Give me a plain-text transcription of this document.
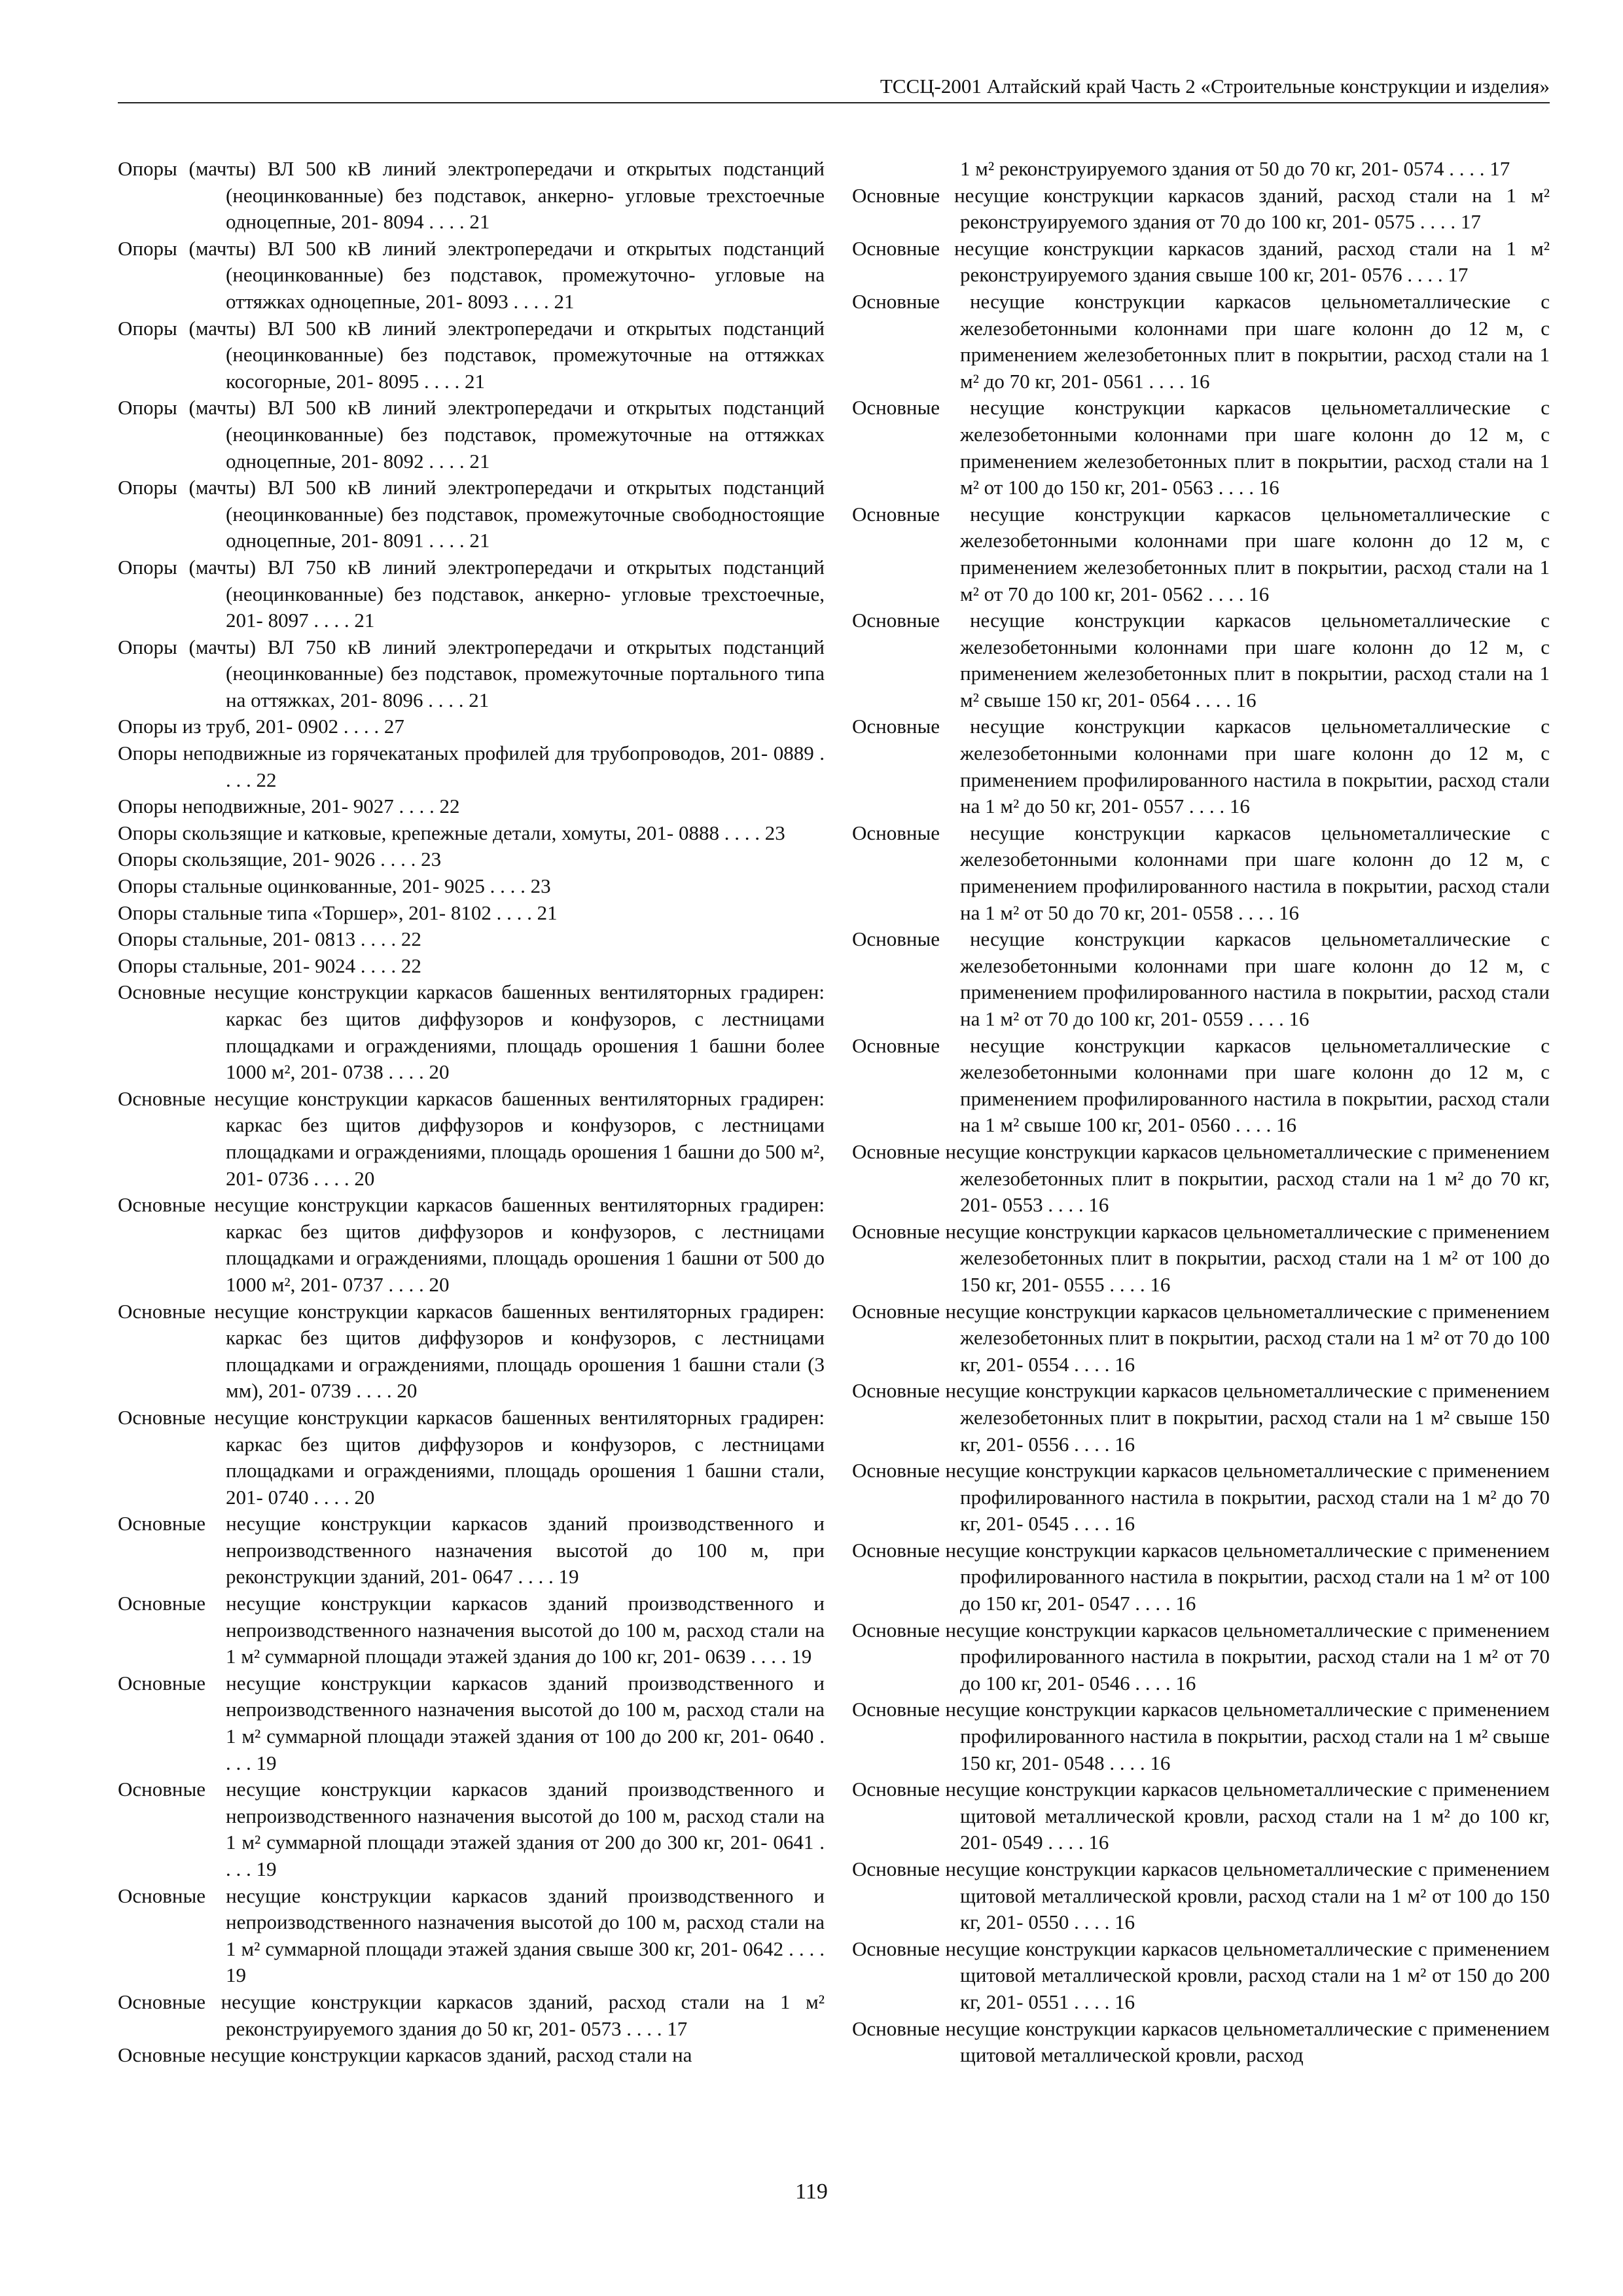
ТССЦ-2001 Алтайский край Часть 2 «Строительные конструкции и изделия»
Опоры (мачты) ВЛ 500 кВ линий электропередачи и открытых подстанций (неоцинкованные) без подставок, анкерно- угловые трехстоечные одноцепные, 201- 8094 . . . . 21
Опоры (мачты) ВЛ 500 кВ линий электропередачи и открытых подстанций (неоцинкованные) без подставок, промежуточно- угловые на оттяжках одноцепные, 201- 8093 . . . . 21
Опоры (мачты) ВЛ 500 кВ линий электропередачи и открытых подстанций (неоцинкованные) без подставок, промежуточные на оттяжках косогорные, 201- 8095 . . . . 21
Опоры (мачты) ВЛ 500 кВ линий электропередачи и открытых подстанций (неоцинкованные) без подставок, промежуточные на оттяжках одноцепные, 201- 8092 . . . . 21
Опоры (мачты) ВЛ 500 кВ линий электропередачи и открытых подстанций (неоцинкованные) без подставок, промежуточные свободностоящие одноцепные, 201- 8091 . . . . 21
Опоры (мачты) ВЛ 750 кВ линий электропередачи и открытых подстанций (неоцинкованные) без подставок, анкерно- угловые трехстоечные, 201- 8097 . . . . 21
Опоры (мачты) ВЛ 750 кВ линий электропередачи и открытых подстанций (неоцинкованные) без подставок, промежуточные портального типа на оттяжках, 201- 8096 . . . . 21
Опоры из труб, 201- 0902 . . . . 27
Опоры неподвижные из горячекатаных профилей для трубопроводов, 201- 0889 . . . . 22
Опоры неподвижные, 201- 9027 . . . . 22
Опоры скользящие и катковые, крепежные детали, хомуты, 201- 0888 . . . . 23
Опоры скользящие, 201- 9026 . . . . 23
Опоры стальные оцинкованные, 201- 9025 . . . . 23
Опоры стальные типа «Торшер», 201- 8102 . . . . 21
Опоры стальные, 201- 0813 . . . . 22
Опоры стальные, 201- 9024 . . . . 22
Основные несущие конструкции каркасов башенных вентиляторных градирен: каркас без щитов диффузоров и конфузоров, с лестницами площадками и ограждениями, площадь орошения 1 башни более 1000 м², 201- 0738 . . . . 20
Основные несущие конструкции каркасов башенных вентиляторных градирен: каркас без щитов диффузоров и конфузоров, с лестницами площадками и ограждениями, площадь орошения 1 башни до 500 м², 201- 0736 . . . . 20
Основные несущие конструкции каркасов башенных вентиляторных градирен: каркас без щитов диффузоров и конфузоров, с лестницами площадками и ограждениями, площадь орошения 1 башни от 500 до 1000 м², 201- 0737 . . . . 20
Основные несущие конструкции каркасов башенных вентиляторных градирен: каркас без щитов диффузоров и конфузоров, с лестницами площадками и ограждениями, площадь орошения 1 башни стали (3 мм), 201- 0739 . . . . 20
Основные несущие конструкции каркасов башенных вентиляторных градирен: каркас без щитов диффузоров и конфузоров, с лестницами площадками и ограждениями, площадь орошения 1 башни стали, 201- 0740 . . . . 20
Основные несущие конструкции каркасов зданий производственного и непроизводственного назначения высотой до 100 м, при реконструкции зданий, 201- 0647 . . . . 19
Основные несущие конструкции каркасов зданий производственного и непроизводственного назначения высотой до 100 м, расход стали на 1 м² суммарной площади этажей здания до 100 кг, 201- 0639 . . . . 19
Основные несущие конструкции каркасов зданий производственного и непроизводственного назначения высотой до 100 м, расход стали на 1 м² суммарной площади этажей здания от 100 до 200 кг, 201- 0640 . . . . 19
Основные несущие конструкции каркасов зданий производственного и непроизводственного назначения высотой до 100 м, расход стали на 1 м² суммарной площади этажей здания от 200 до 300 кг, 201- 0641 . . . . 19
Основные несущие конструкции каркасов зданий производственного и непроизводственного назначения высотой до 100 м, расход стали на 1 м² суммарной площади этажей здания свыше 300 кг, 201- 0642 . . . . 19
Основные несущие конструкции каркасов зданий, расход стали на 1 м² реконструируемого здания до 50 кг, 201- 0573 . . . . 17
Основные несущие конструкции каркасов зданий, расход стали на
1 м² реконструируемого здания от 50 до 70 кг, 201- 0574 . . . . 17
Основные несущие конструкции каркасов зданий, расход стали на 1 м² реконструируемого здания от 70 до 100 кг, 201- 0575 . . . . 17
Основные несущие конструкции каркасов зданий, расход стали на 1 м² реконструируемого здания свыше 100 кг, 201- 0576 . . . . 17
Основные несущие конструкции каркасов цельнометаллические с железобетонными колоннами при шаге колонн до 12 м, с применением железобетонных плит в покрытии, расход стали на 1 м² до 70 кг, 201- 0561 . . . . 16
Основные несущие конструкции каркасов цельнометаллические с железобетонными колоннами при шаге колонн до 12 м, с применением железобетонных плит в покрытии, расход стали на 1 м² от 100 до 150 кг, 201- 0563 . . . . 16
Основные несущие конструкции каркасов цельнометаллические с железобетонными колоннами при шаге колонн до 12 м, с применением железобетонных плит в покрытии, расход стали на 1 м² от 70 до 100 кг, 201- 0562 . . . . 16
Основные несущие конструкции каркасов цельнометаллические с железобетонными колоннами при шаге колонн до 12 м, с применением железобетонных плит в покрытии, расход стали на 1 м² свыше 150 кг, 201- 0564 . . . . 16
Основные несущие конструкции каркасов цельнометаллические с железобетонными колоннами при шаге колонн до 12 м, с применением профилированного настила в покрытии, расход стали на 1 м² до 50 кг, 201- 0557 . . . . 16
Основные несущие конструкции каркасов цельнометаллические с железобетонными колоннами при шаге колонн до 12 м, с применением профилированного настила в покрытии, расход стали на 1 м² от 50 до 70 кг, 201- 0558 . . . . 16
Основные несущие конструкции каркасов цельнометаллические с железобетонными колоннами при шаге колонн до 12 м, с применением профилированного настила в покрытии, расход стали на 1 м² от 70 до 100 кг, 201- 0559 . . . . 16
Основные несущие конструкции каркасов цельнометаллические с железобетонными колоннами при шаге колонн до 12 м, с применением профилированного настила в покрытии, расход стали на 1 м² свыше 100 кг, 201- 0560 . . . . 16
Основные несущие конструкции каркасов цельнометаллические с применением железобетонных плит в покрытии, расход стали на 1 м² до 70 кг, 201- 0553 . . . . 16
Основные несущие конструкции каркасов цельнометаллические с применением железобетонных плит в покрытии, расход стали на 1 м² от 100 до 150 кг, 201- 0555 . . . . 16
Основные несущие конструкции каркасов цельнометаллические с применением железобетонных плит в покрытии, расход стали на 1 м² от 70 до 100 кг, 201- 0554 . . . . 16
Основные несущие конструкции каркасов цельнометаллические с применением железобетонных плит в покрытии, расход стали на 1 м² свыше 150 кг, 201- 0556 . . . . 16
Основные несущие конструкции каркасов цельнометаллические с применением профилированного настила в покрытии, расход стали на 1 м² до 70 кг, 201- 0545 . . . . 16
Основные несущие конструкции каркасов цельнометаллические с применением профилированного настила в покрытии, расход стали на 1 м² от 100 до 150 кг, 201- 0547 . . . . 16
Основные несущие конструкции каркасов цельнометаллические с применением профилированного настила в покрытии, расход стали на 1 м² от 70 до 100 кг, 201- 0546 . . . . 16
Основные несущие конструкции каркасов цельнометаллические с применением профилированного настила в покрытии, расход стали на 1 м² свыше 150 кг, 201- 0548 . . . . 16
Основные несущие конструкции каркасов цельнометаллические с применением щитовой металлической кровли, расход стали на 1 м² до 100 кг, 201- 0549 . . . . 16
Основные несущие конструкции каркасов цельнометаллические с применением щитовой металлической кровли, расход стали на 1 м² от 100 до 150 кг, 201- 0550 . . . . 16
Основные несущие конструкции каркасов цельнометаллические с применением щитовой металлической кровли, расход стали на 1 м² от 150 до 200 кг, 201- 0551 . . . . 16
Основные несущие конструкции каркасов цельнометаллические с применением щитовой металлической кровли, расход
119
